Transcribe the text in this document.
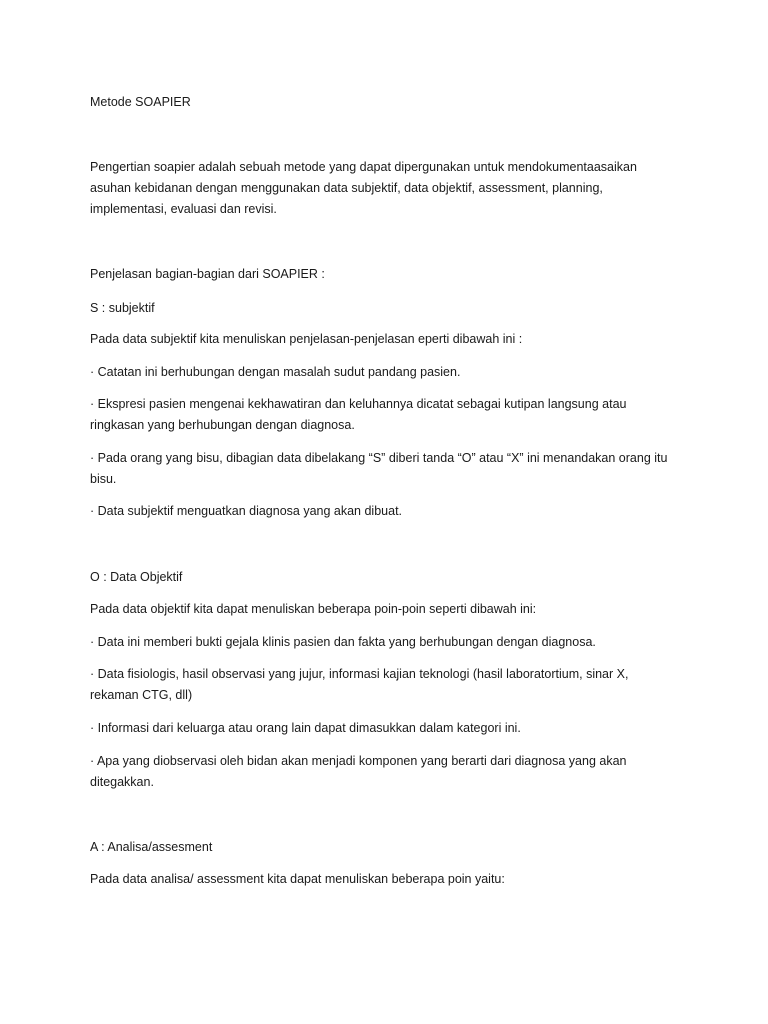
Metode SOAPIER

Pengertian soapier adalah sebuah metode yang dapat dipergunakan untuk mendokumentaasaikan asuhan kebidanan dengan menggunakan data subjektif, data objektif, assessment, planning, implementasi, evaluasi dan revisi.

Penjelasan bagian-bagian dari SOAPIER :

S : subjektif

Pada data subjektif kita menuliskan penjelasan-penjelasan eperti dibawah ini :

· Catatan ini berhubungan dengan masalah sudut pandang pasien.

· Ekspresi pasien mengenai kekhawatiran dan keluhannya dicatat sebagai kutipan langsung atau ringkasan yang berhubungan dengan diagnosa.

· Pada orang yang bisu, dibagian data dibelakang “S” diberi tanda “O” atau “X” ini menandakan orang itu bisu.

· Data subjektif menguatkan diagnosa yang akan dibuat.

O : Data Objektif

Pada data objektif kita dapat menuliskan beberapa poin-poin seperti dibawah ini:

· Data ini memberi bukti gejala klinis pasien dan fakta yang berhubungan dengan diagnosa.

· Data fisiologis, hasil observasi yang jujur, informasi kajian teknologi (hasil laboratortium, sinar X, rekaman CTG, dll)

· Informasi dari keluarga atau orang lain dapat dimasukkan dalam kategori ini.

· Apa yang diobservasi oleh bidan akan menjadi komponen yang berarti dari diagnosa yang akan ditegakkan.

A : Analisa/assesment

Pada data analisa/ assessment kita dapat menuliskan beberapa poin yaitu:
